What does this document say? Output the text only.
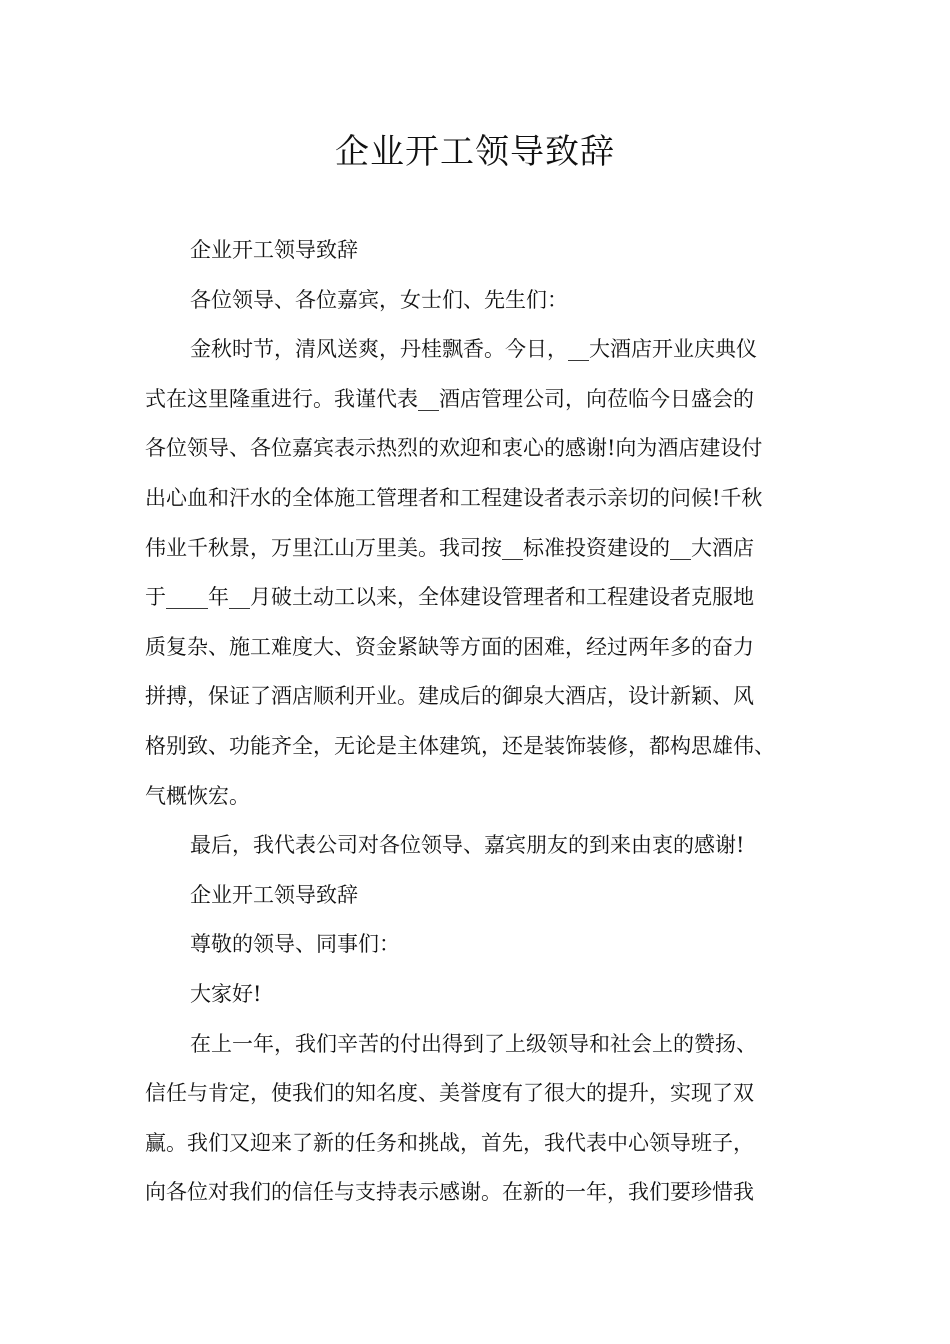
企业开工领导致辞

企业开工领导致辞

各位领导、各位嘉宾，女士们、先生们：

金秋时节，清风送爽，丹桂飘香。今日，__大酒店开业庆典仪
式在这里隆重进行。我谨代表__酒店管理公司，向莅临今日盛会的
各位领导、各位嘉宾表示热烈的欢迎和衷心的感谢!向为酒店建设付
出心血和汗水的全体施工管理者和工程建设者表示亲切的问候!千秋
伟业千秋景，万里江山万里美。我司按__标准投资建设的__大酒店
于____年__月破土动工以来，全体建设管理者和工程建设者克服地
质复杂、施工难度大、资金紧缺等方面的困难，经过两年多的奋力
拼搏，保证了酒店顺利开业。建成后的御泉大酒店，设计新颖、风
格别致、功能齐全，无论是主体建筑，还是装饰装修，都构思雄伟、
气概恢宏。

最后，我代表公司对各位领导、嘉宾朋友的到来由衷的感谢!

企业开工领导致辞

尊敬的领导、同事们：

大家好!

在上一年，我们辛苦的付出得到了上级领导和社会上的赞扬、
信任与肯定，使我们的知名度、美誉度有了很大的提升，实现了双
赢。我们又迎来了新的任务和挑战，首先，我代表中心领导班子，
向各位对我们的信任与支持表示感谢。在新的一年，我们要珍惜我
